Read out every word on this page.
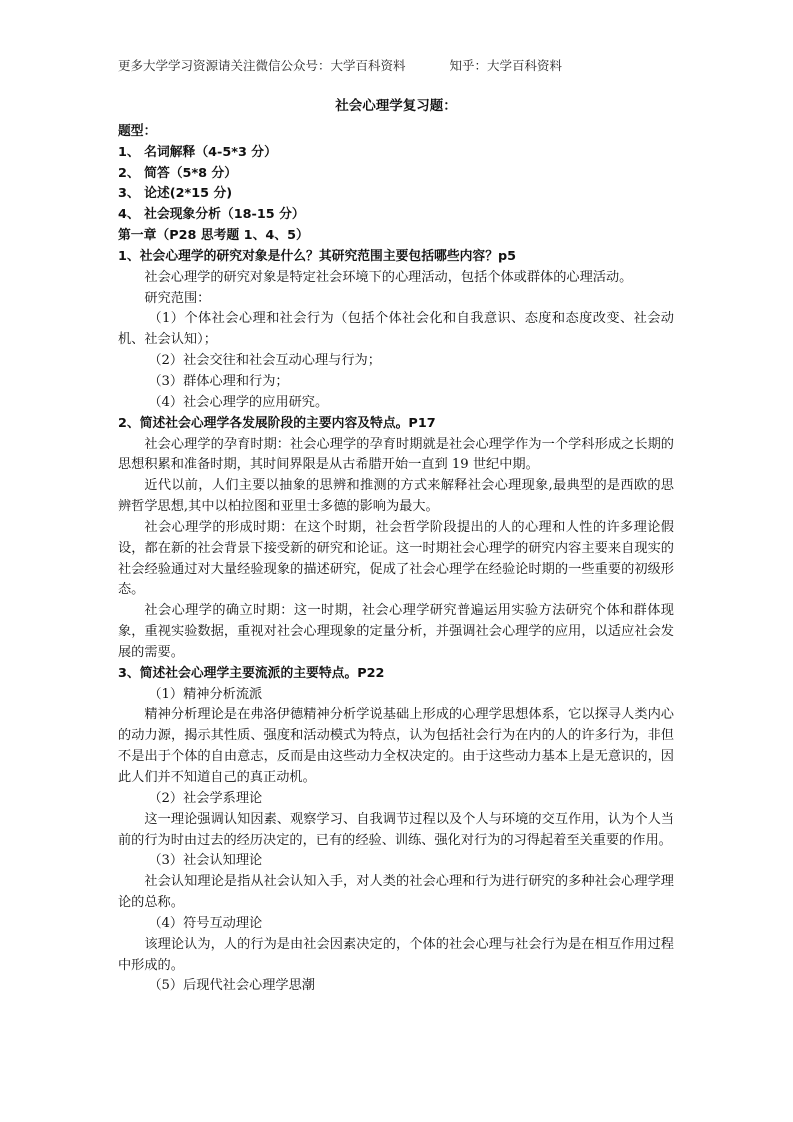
更多大学学习资源请关注微信公众号：大学百科资料	知乎：大学百科资料
社会心理学复习题：
题型：
1、 名词解释（4-5*3 分）
2、 简答（5*8 分）
3、 论述(2*15 分)
4、 社会现象分析（18-15 分）
第一章（P28 思考题 1、4、5）
1、社会心理学的研究对象是什么？其研究范围主要包括哪些内容？p5
社会心理学的研究对象是特定社会环境下的心理活动，包括个体或群体的心理活动。
研究范围：
（1）个体社会心理和社会行为（包括个体社会化和自我意识、态度和态度改变、社会动机、社会认知）；
（2）社会交往和社会互动心理与行为；
（3）群体心理和行为；
（4）社会心理学的应用研究。
2、简述社会心理学各发展阶段的主要内容及特点。P17
社会心理学的孕育时期：社会心理学的孕育时期就是社会心理学作为一个学科形成之长期的思想积累和准备时期，其时间界限是从古希腊开始一直到 19 世纪中期。
近代以前，人们主要以抽象的思辨和推测的方式来解释社会心理现象,最典型的是西欧的思辨哲学思想,其中以柏拉图和亚里士多德的影响为最大。
社会心理学的形成时期：在这个时期，社会哲学阶段提出的人的心理和人性的许多理论假设，都在新的社会背景下接受新的研究和论证。这一时期社会心理学的研究内容主要来自现实的社会经验通过对大量经验现象的描述研究，促成了社会心理学在经验论时期的一些重要的初级形态。
社会心理学的确立时期：这一时期，社会心理学研究普遍运用实验方法研究个体和群体现象，重视实验数据，重视对社会心理现象的定量分析，并强调社会心理学的应用，以适应社会发展的需要。
3、简述社会心理学主要流派的主要特点。P22
（1）精神分析流派
精神分析理论是在弗洛伊德精神分析学说基础上形成的心理学思想体系，它以探寻人类内心的动力源，揭示其性质、强度和活动模式为特点，认为包括社会行为在内的人的许多行为，非但不是出于个体的自由意志，反而是由这些动力全权决定的。由于这些动力基本上是无意识的，因此人们并不知道自己的真正动机。
（2）社会学系理论
这一理论强调认知因素、观察学习、自我调节过程以及个人与环境的交互作用，认为个人当前的行为时由过去的经历决定的，已有的经验、训练、强化对行为的习得起着至关重要的作用。
（3）社会认知理论
社会认知理论是指从社会认知入手，对人类的社会心理和行为进行研究的多种社会心理学理论的总称。
（4）符号互动理论
该理论认为，人的行为是由社会因素决定的，个体的社会心理与社会行为是在相互作用过程中形成的。
（5）后现代社会心理学思潮
